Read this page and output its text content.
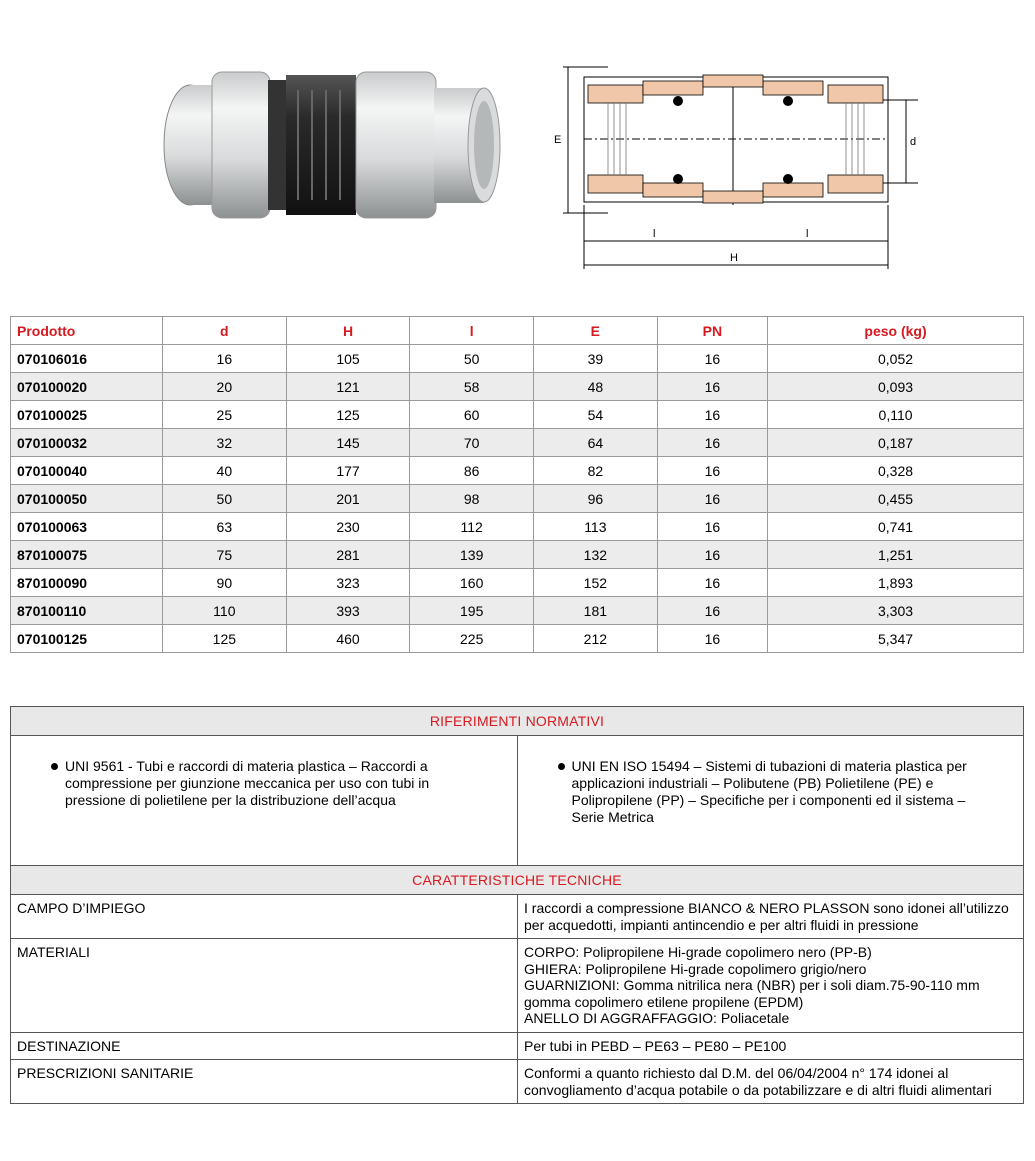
E	d
l	l
H
Prodotto	d	H	l	E	PN	peso (kg)
070106016	16	105	50	39	16	0,052
070100020	20	121	58	48	16	0,093
070100025	25	125	60	54	16	0,110
070100032	32	145	70	64	16	0,187
070100040	40	177	86	82	16	0,328
070100050	50	201	98	96	16	0,455
070100063	63	230	112	113	16	0,741
870100075	75	281	139	132	16	1,251
870100090	90	323	160	152	16	1,893
870100110	110	393	195	181	16	3,303
070100125	125	460	225	212	16	5,347
RIFERIMENTI NORMATIVI

UNI 9561 - Tubi e raccordi di materia plastica – Raccordi a compressione per giunzione meccanica per uso con tubi in pressione di polietilene per la distribuzione dell’acqua

UNI EN ISO 15494 – Sistemi di tubazioni di materia plastica per applicazioni industriali – Polibutene (PB) Polietilene (PE) e Polipropilene (PP) – Specifiche per i componenti ed il sistema – Serie Metrica
CARATTERISTICHE TECNICHE	
CAMPO D’IMPIEGO	I raccordi a compressione BIANCO & NERO PLASSON sono idonei all’utilizzo per acquedotti, impianti antincendio e per altri fluidi in pressione

MATERIALI	CORPO: Polipropilene Hi-grade copolimero nero (PP-B)
GHIERA: Polipropilene Hi-grade copolimero grigio/nero
GUARNIZIONI: Gomma nitrilica nera (NBR) per i soli diam.75-90-110 mm gomma copolimero etilene propilene (EPDM)
ANELLO DI AGGRAFFAGGIO: Poliacetale

DESTINAZIONE	Per tubi in PEBD – PE63 – PE80 – PE100

PRESCRIZIONI SANITARIE	Conformi a quanto richiesto dal D.M. del 06/04/2004 n° 174 idonei al convogliamento d’acqua potabile o da potabilizzare e di altri fluidi alimentari
